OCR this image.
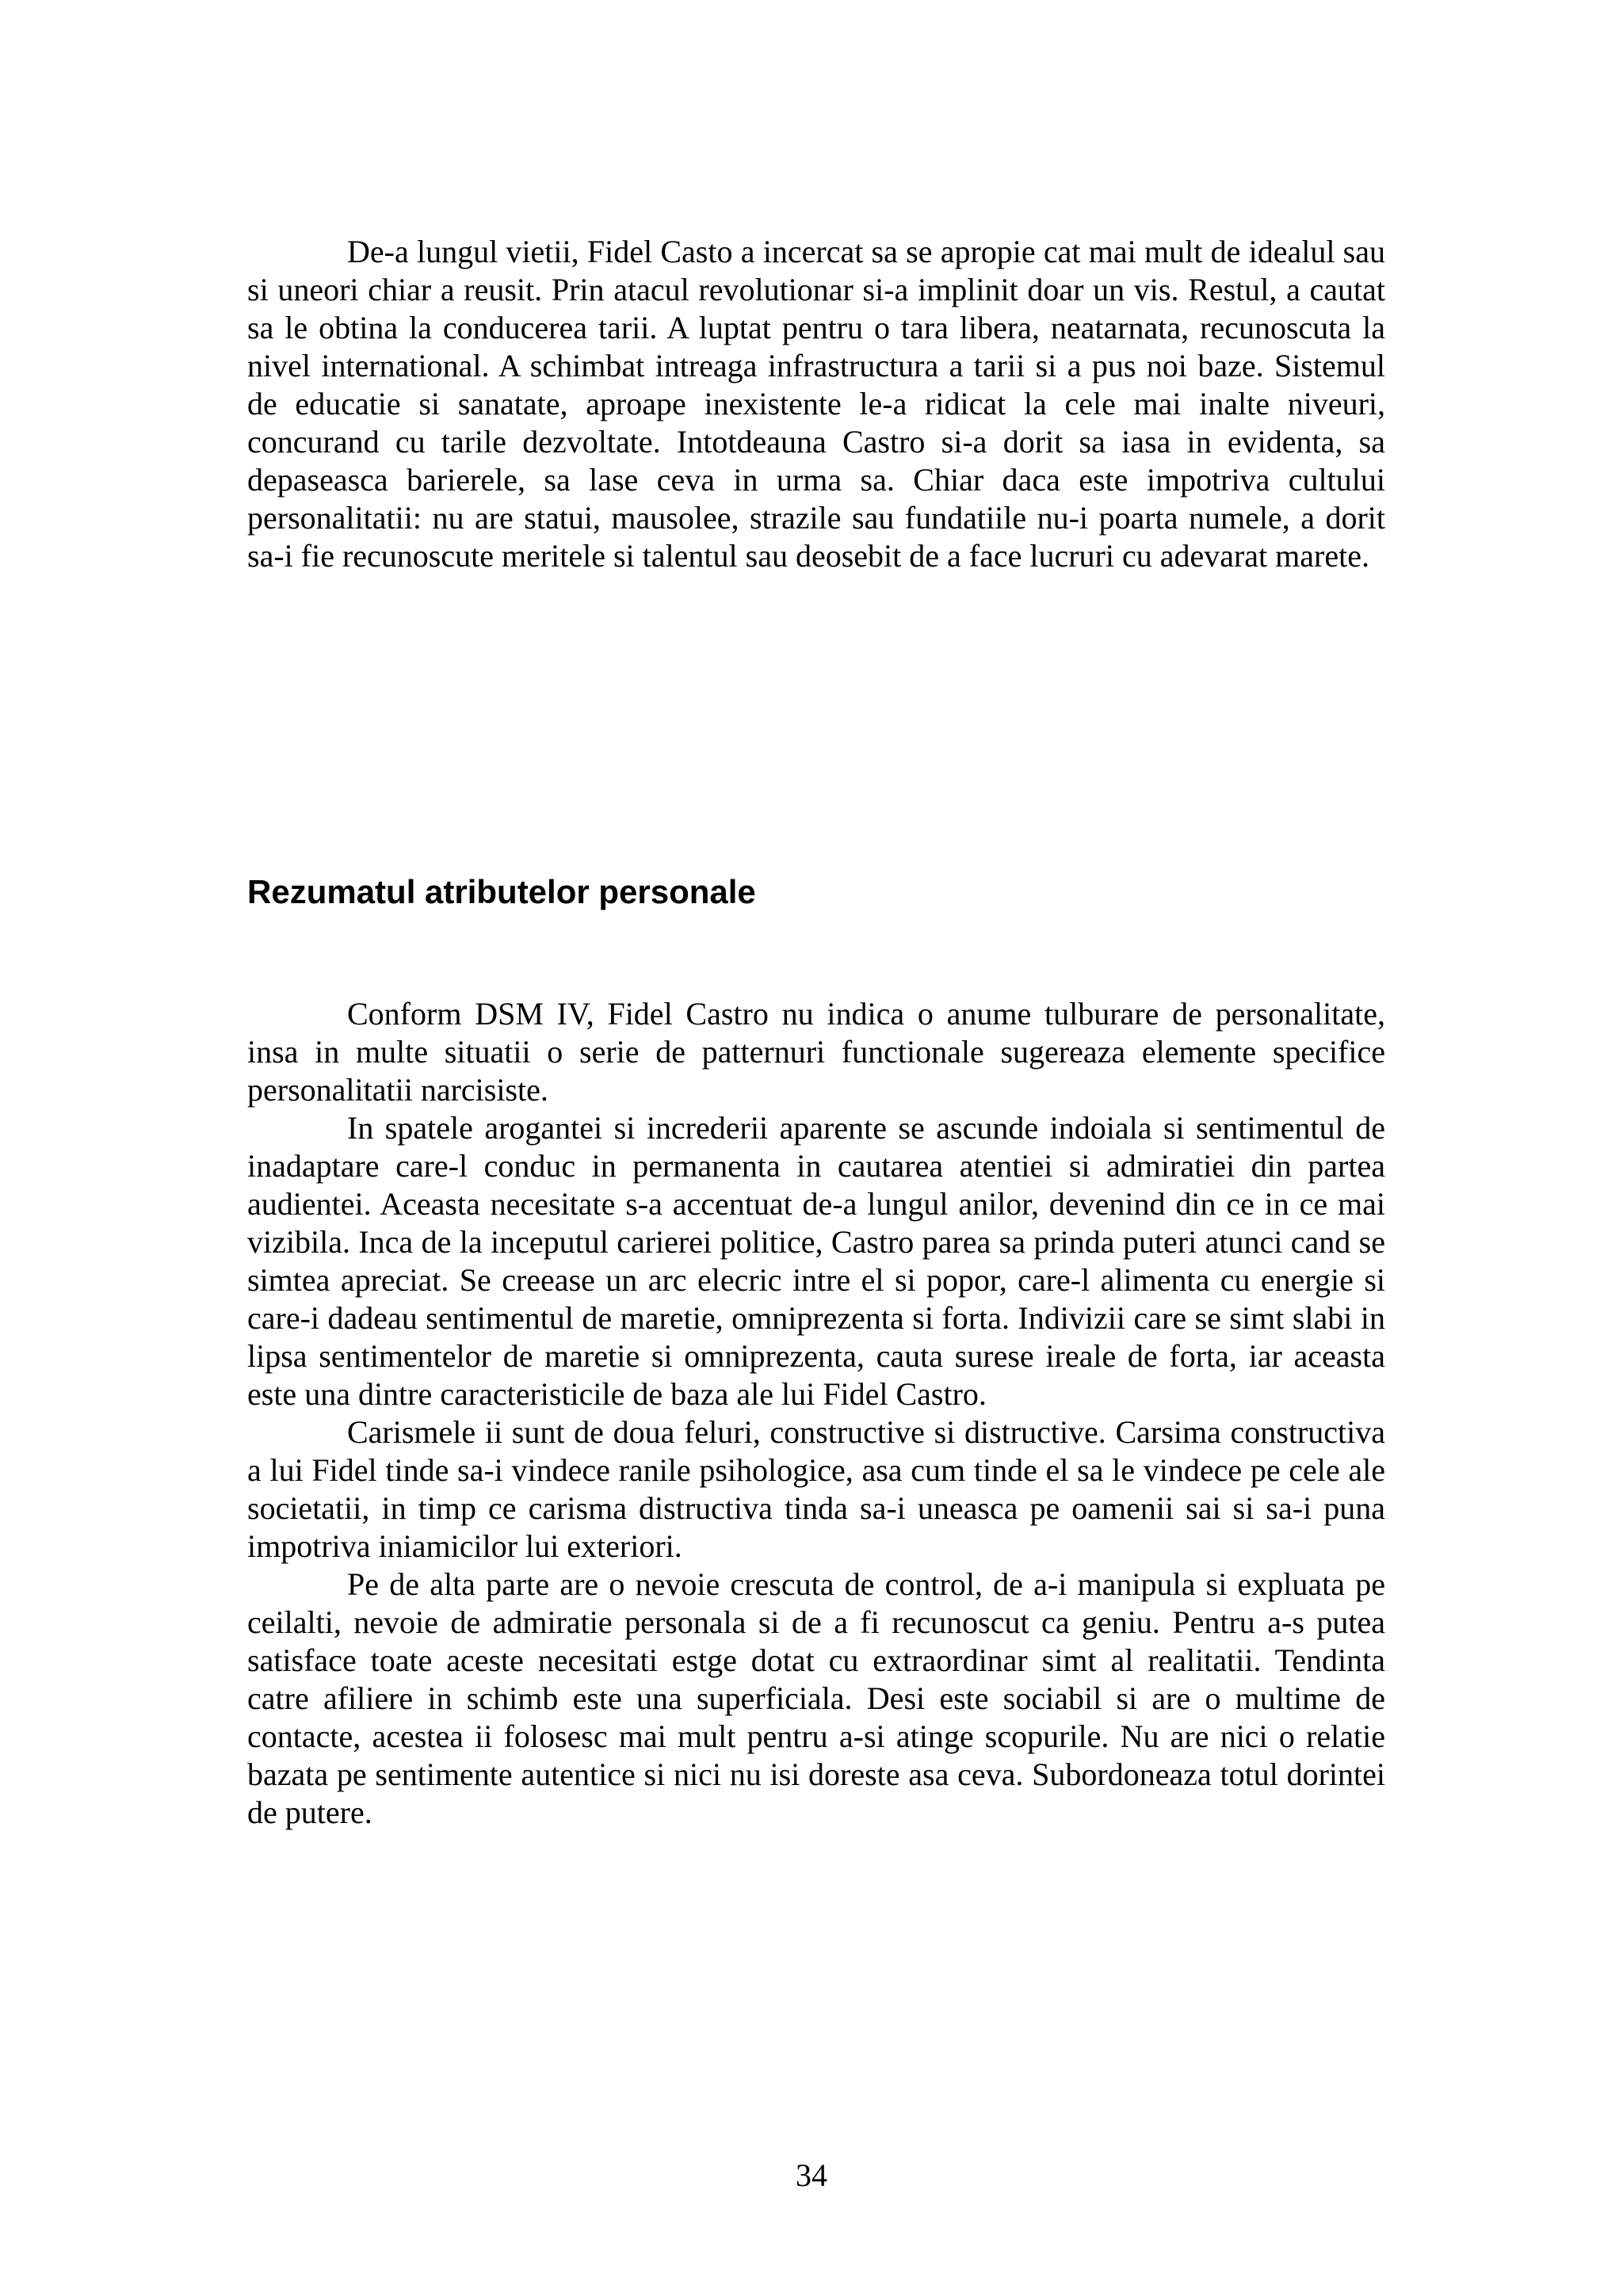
De-a lungul vietii, Fidel Casto a incercat sa se apropie cat mai mult de idealul sau si uneori chiar a reusit. Prin atacul revolutionar si-a implinit doar un vis. Restul, a cautat sa le obtina la conducerea tarii. A luptat pentru o tara libera, neatarnata, recunoscuta la nivel international. A schimbat intreaga infrastructura a tarii si a pus noi baze. Sistemul de educatie si sanatate, aproape inexistente le-a ridicat la cele mai inalte niveuri, concurand cu tarile dezvoltate. Intotdeauna Castro si-a dorit sa iasa in evidenta, sa depaseasca barierele, sa lase ceva in urma sa. Chiar daca este impotriva cultului personalitatii: nu are statui, mausolee, strazile sau fundatiile nu-i poarta numele, a dorit sa-i fie recunoscute meritele si talentul sau deosebit de a face lucruri cu adevarat marete.

Rezumatul atributelor personale

Conform DSM IV, Fidel Castro nu indica o anume tulburare de personalitate, insa in multe situatii o serie de patternuri functionale sugereaza elemente specifice personalitatii narcisiste.

In spatele arogantei si increderii aparente se ascunde indoiala si sentimentul de inadaptare care-l conduc in permanenta in cautarea atentiei si admiratiei din partea audientei. Aceasta necesitate s-a accentuat de-a lungul anilor, devenind din ce in ce mai vizibila. Inca de la inceputul carierei politice, Castro parea sa prinda puteri atunci cand se simtea apreciat. Se creease un arc elecric intre el si popor, care-l alimenta cu energie si care-i dadeau sentimentul de maretie, omniprezenta si forta. Indivizii care se simt slabi in lipsa sentimentelor de maretie si omniprezenta, cauta surese ireale de forta, iar aceasta este una dintre caracteristicile de baza ale lui Fidel Castro.

Carismele ii sunt de doua feluri, constructive si distructive. Carsima constructiva a lui Fidel tinde sa-i vindece ranile psihologice, asa cum tinde el sa le vindece pe cele ale societatii, in timp ce carisma distructiva tinda sa-i uneasca pe oamenii sai si sa-i puna impotriva iniamicilor lui exteriori.

Pe de alta parte are o nevoie crescuta de control, de a-i manipula si expluata pe ceilalti, nevoie de admiratie personala si de a fi recunoscut ca geniu. Pentru a-s putea satisface toate aceste necesitati estge dotat cu extraordinar simt al realitatii. Tendinta catre afiliere in schimb este una superficiala. Desi este sociabil si are o multime de contacte, acestea ii folosesc mai mult pentru a-si atinge scopurile. Nu are nici o relatie bazata pe sentimente autentice si nici nu isi doreste asa ceva. Subordoneaza totul dorintei de putere.

34
